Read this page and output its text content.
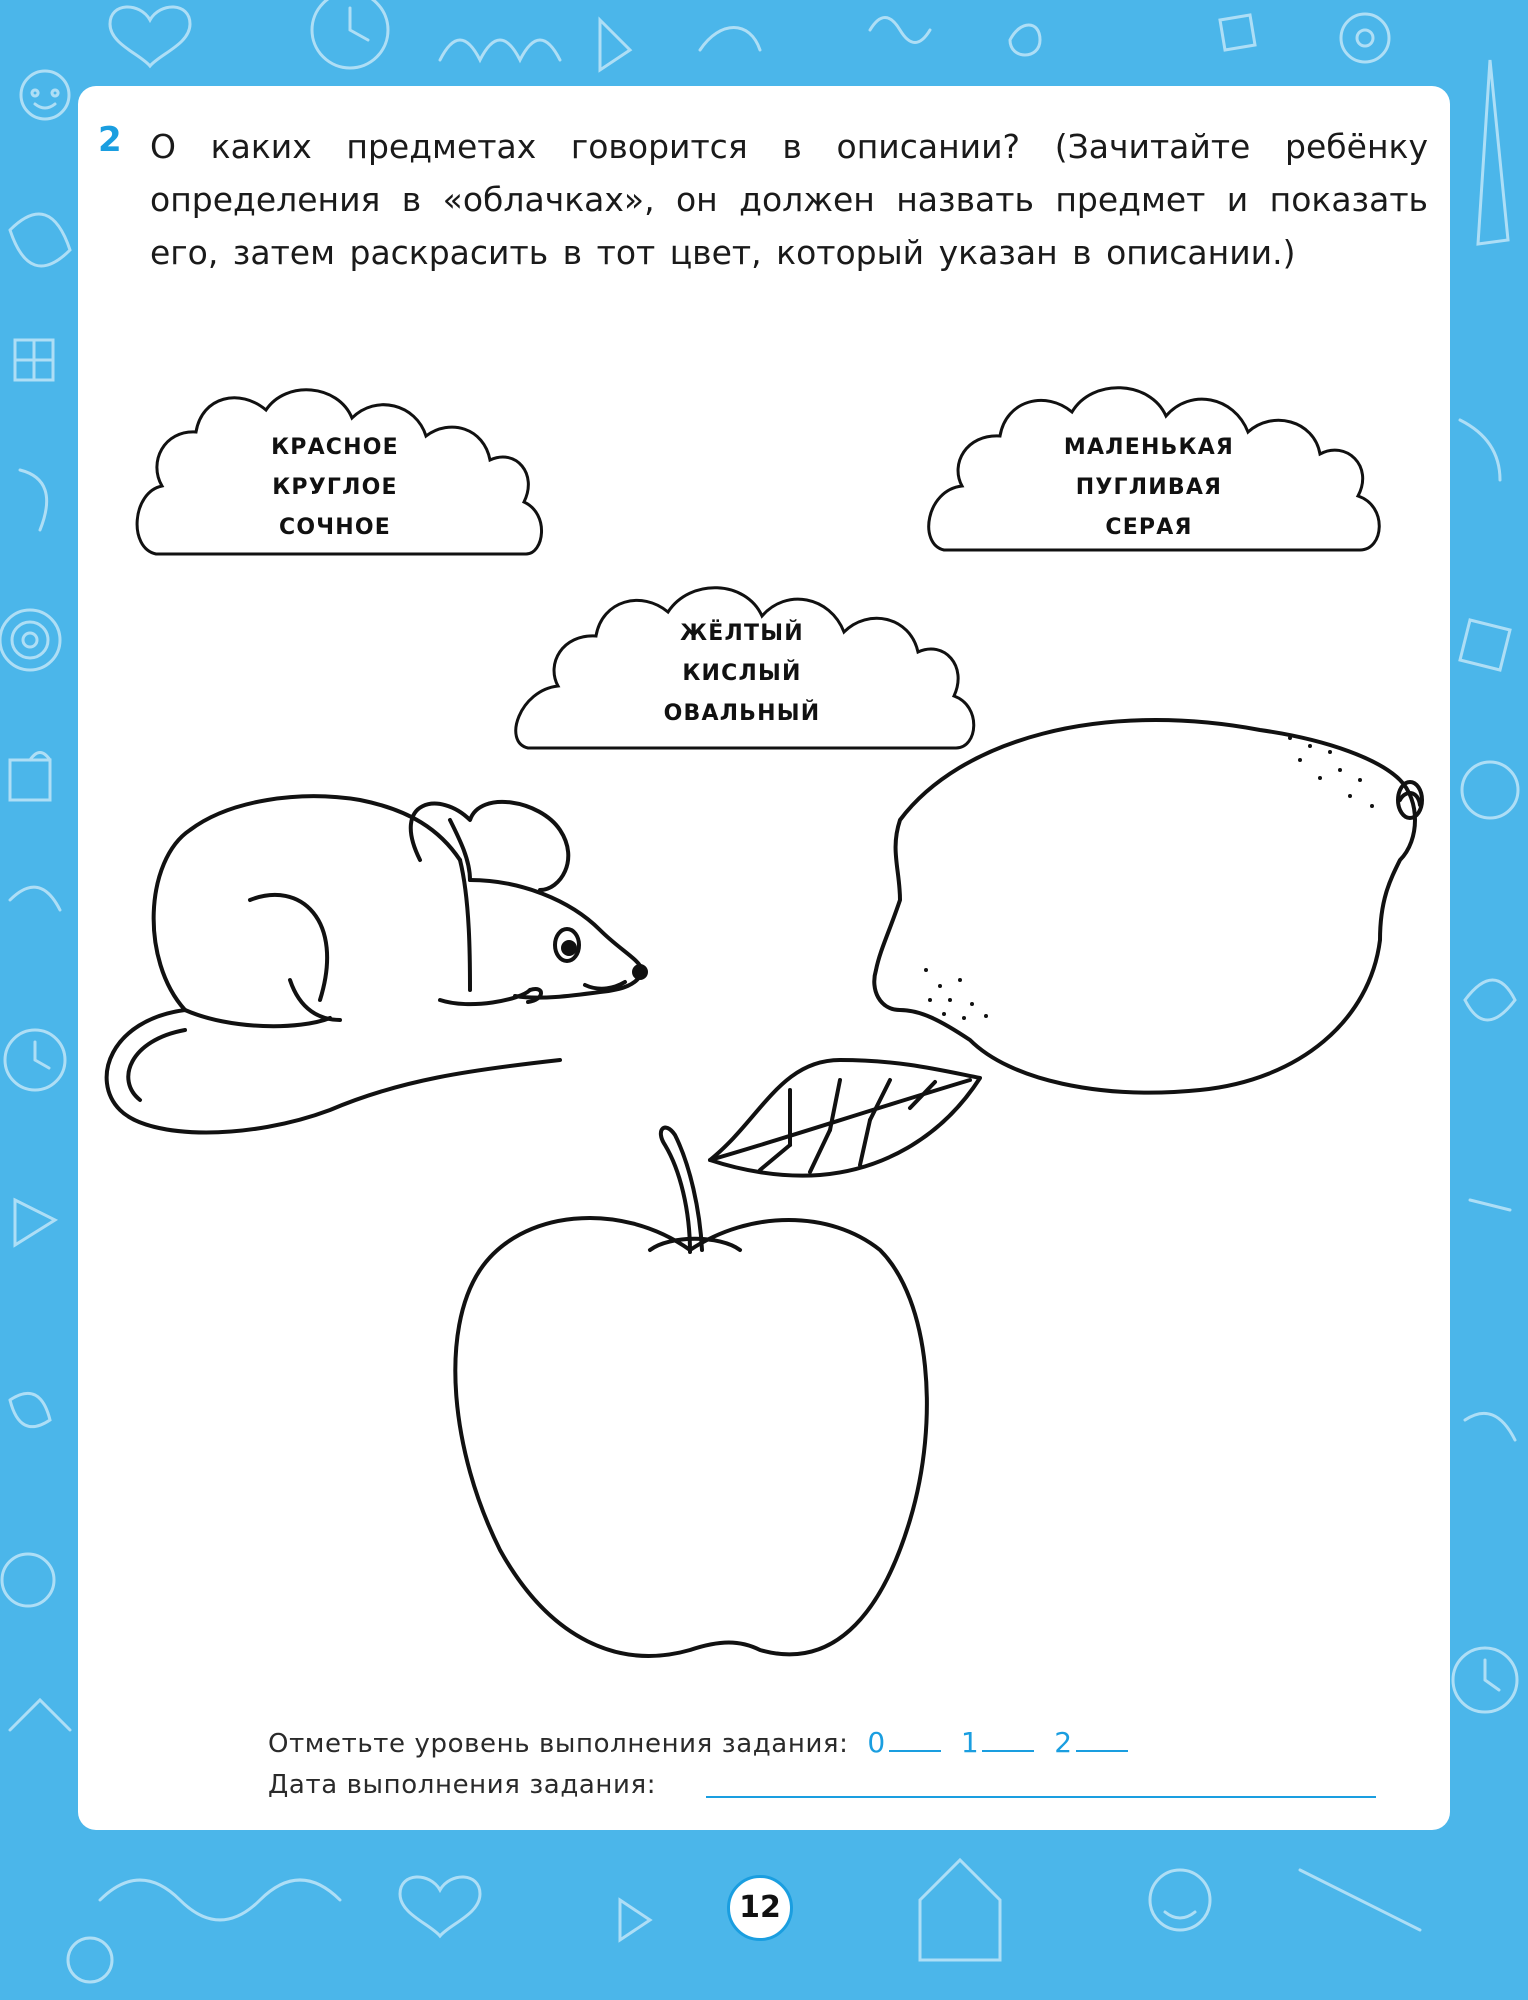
2 О каких предметах говорится в описании? (Зачитайте ребёнку определения в «облачках», он должен назвать предмет и показать его, затем раскрасить в тот цвет, который указан в описании.)

КРАСНОЕ
КРУГЛОЕ
СОЧНОЕ
МАЛЕНЬКАЯ
ПУГЛИВАЯ
СЕРАЯ
ЖЁЛТЫЙ
КИСЛЫЙ
ОВАЛЬНЫЙ
Отметьте уровень выполнения задания: 0	1	2
Дата выполнения задания:
12
